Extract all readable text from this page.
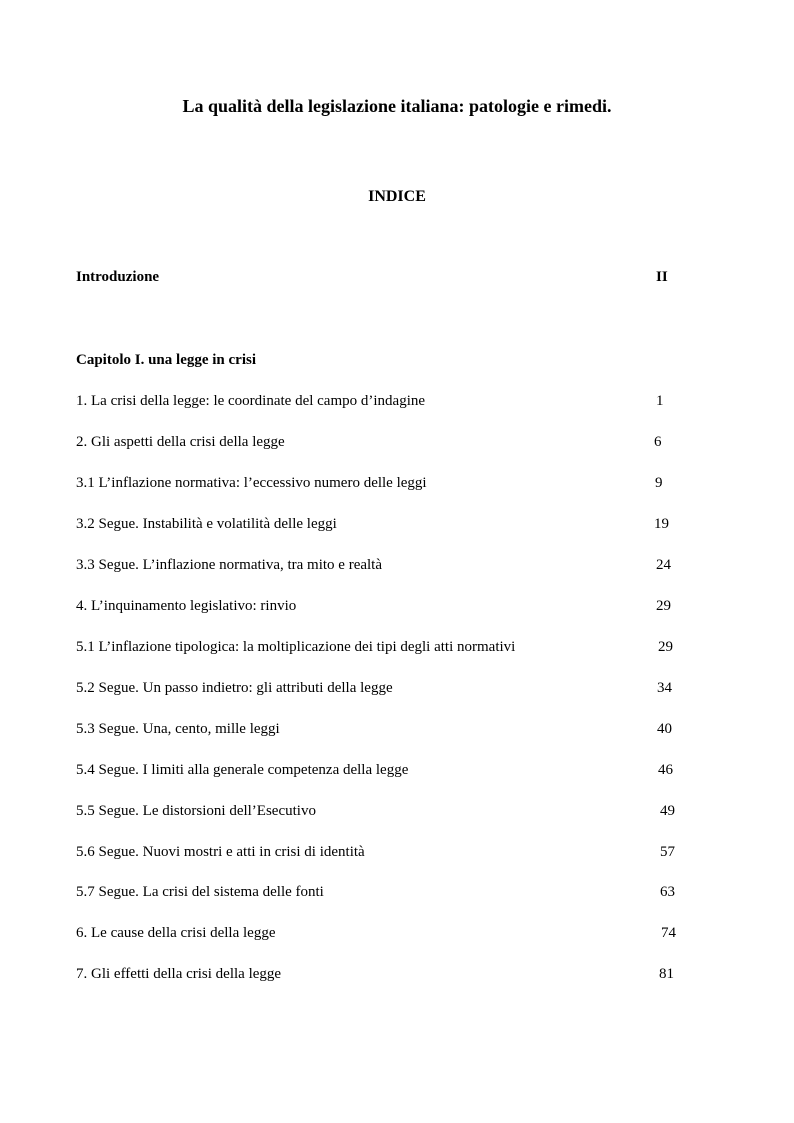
La qualità della legislazione italiana: patologie e rimedi.
INDICE
Introduzione	II
Capitolo I. una legge in crisi
1. La crisi della legge: le coordinate del campo d’indagine	1
2. Gli aspetti della crisi della legge	6
3.1 L’inflazione normativa: l’eccessivo numero delle leggi	9
3.2 Segue. Instabilità e volatilità delle leggi	19
3.3 Segue. L’inflazione normativa, tra mito e realtà	24
4. L’inquinamento legislativo: rinvio	29
5.1 L’inflazione tipologica: la moltiplicazione dei tipi degli atti normativi	29
5.2 Segue. Un passo indietro: gli attributi della legge	34
5.3 Segue. Una, cento, mille leggi	40
5.4 Segue. I limiti alla generale competenza della legge	46
5.5 Segue. Le distorsioni dell’Esecutivo	49
5.6 Segue. Nuovi mostri e atti in crisi di identità	57
5.7 Segue. La crisi del sistema delle fonti	63
6. Le cause della crisi della legge	74
7. Gli effetti della crisi della legge	81
